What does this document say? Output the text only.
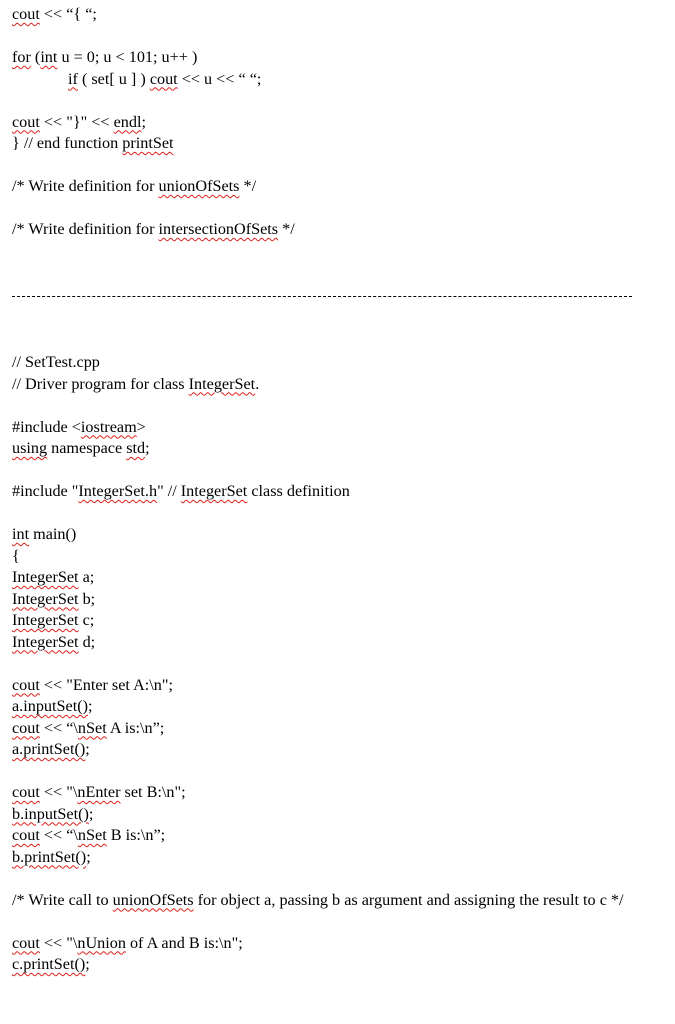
cout << “{ “;
for (int u = 0; u < 101; u++ )
if ( set[ u ] ) cout << u << “ “;
cout << "}" << endl;
} // end function printSet
/* Write definition for unionOfSets */
/* Write definition for intersectionOfSets */
// SetTest.cpp
// Driver program for class IntegerSet.
#include <iostream>
using namespace std;
#include "IntegerSet.h" // IntegerSet class definition
int main()
{
IntegerSet a;
IntegerSet b;
IntegerSet c;
IntegerSet d;
cout << "Enter set A:\n";
a.inputSet();
cout << “\nSet A is:\n”;
a.printSet();
cout << "\nEnter set B:\n";
b.inputSet();
cout << “\nSet B is:\n”;
b.printSet();
/* Write call to unionOfSets for object a, passing b as argument and assigning the result to c */
cout << "\nUnion of A and B is:\n";
c.printSet();
